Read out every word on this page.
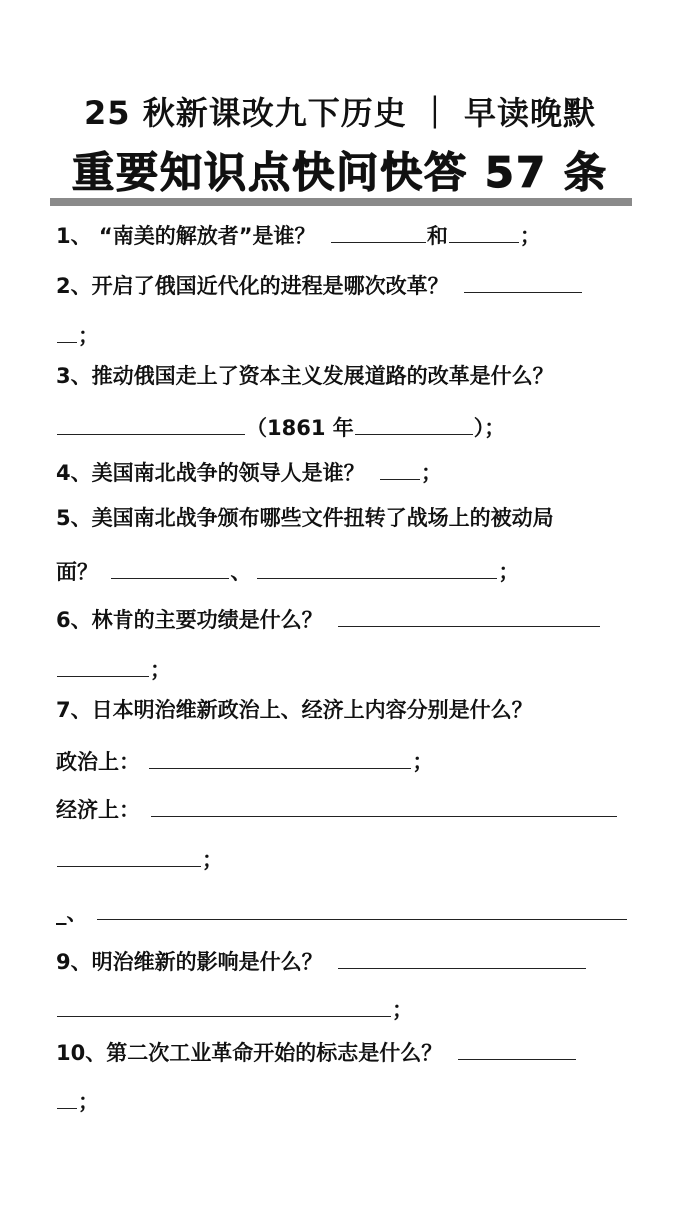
25 秋新课改九下历史 ｜ 早读晚默
重要知识点快问快答 57 条
1、 “南美的解放者”是谁？	和	；
2、开启了俄国近代化的进程是哪次改革？
；
3、推动俄国走上了资本主义发展道路的改革是什么？
（1861 年	）；
4、美国南北战争的领导人是谁？	；
5、美国南北战争颁布哪些文件扭转了战场上的被动局
面？	、	；
6、林肯的主要功绩是什么？
；
7、日本明治维新政治上、经济上内容分别是什么？
政治上：	；
经济上：
；
_、
9、明治维新的影响是什么？
；
10、第二次工业革命开始的标志是什么？
；
